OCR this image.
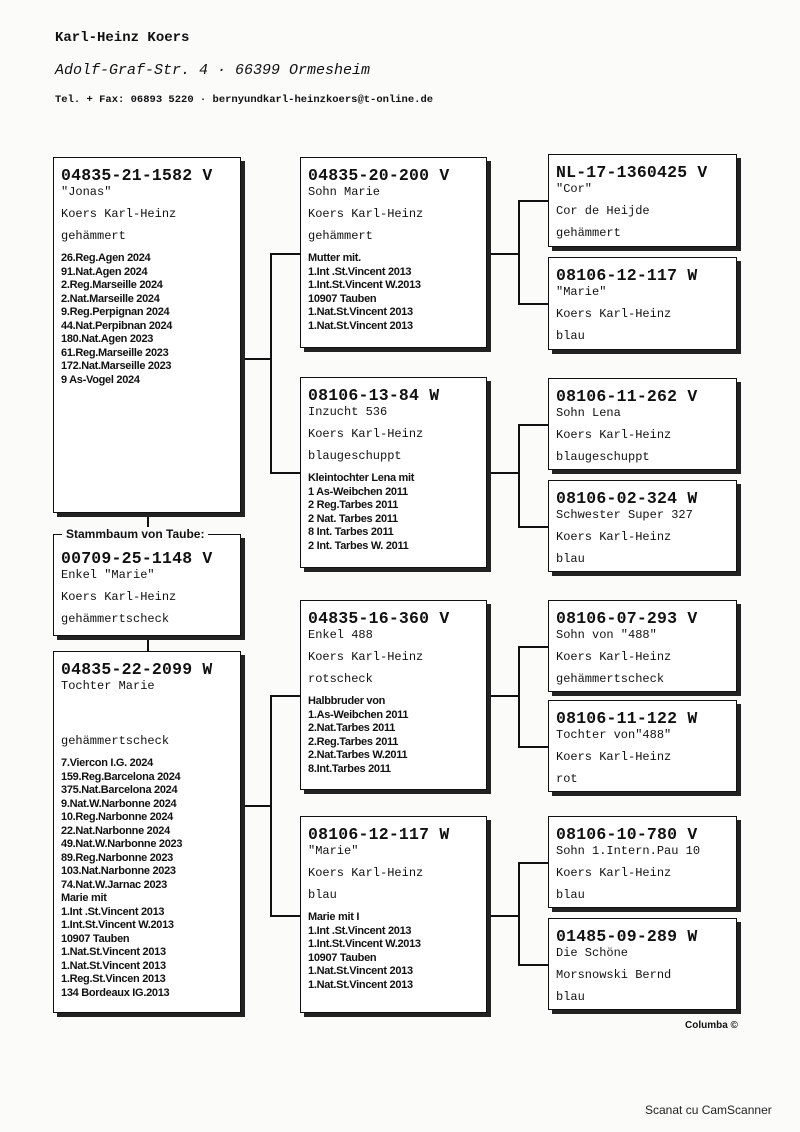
Karl-Heinz Koers
Adolf-Graf-Str. 4 · 66399 Ormesheim
Tel. + Fax: 06893 5220 · bernyundkarl-heinzkoers@t-online.de
04835-21-1582 V
"Jonas"
Koers Karl-Heinz
gehämmert
26.Reg.Agen 2024
91.Nat.Agen 2024
2.Reg.Marseille 2024
2.Nat.Marseille 2024
9.Reg.Perpignan 2024
44.Nat.Perpibnan 2024
180.Nat.Agen 2023
61.Reg.Marseille 2023
172.Nat.Marseille 2023
9 As-Vogel 2024
00709-25-1148 V
Enkel "Marie"
Koers Karl-Heinz
gehämmertscheck
04835-22-2099 W
Tochter Marie

gehämmertscheck
7.Viercon I.G. 2024
159.Reg.Barcelona 2024
375.Nat.Barcelona 2024
9.Nat.W.Narbonne 2024
10.Reg.Narbonne 2024
22.Nat.Narbonne 2024
49.Nat.W.Narbonne 2023
89.Reg.Narbonne 2023
103.Nat.Narbonne 2023
74.Nat.W.Jarnac 2023
Marie mit
1.Int .St.Vincent 2013
1.Int.St.Vincent W.2013
10907 Tauben
1.Nat.St.Vincent 2013
1.Nat.St.Vincent 2013
1.Reg.St.Vincen 2013
134 Bordeaux IG.2013
04835-20-200 V
Sohn Marie
Koers Karl-Heinz
gehämmert
Mutter mit.
1.Int .St.Vincent 2013
1.Int.St.Vincent W.2013
10907 Tauben
1.Nat.St.Vincent 2013
1.Nat.St.Vincent 2013
08106-13-84 W
Inzucht 536
Koers Karl-Heinz
blaugeschuppt
Kleintochter Lena mit
1 As-Weibchen 2011
2 Reg.Tarbes 2011
2 Nat. Tarbes 2011
8 Int. Tarbes 2011
2 Int. Tarbes W. 2011
04835-16-360 V
Enkel 488
Koers Karl-Heinz
rotscheck
Halbbruder von
1.As-Weibchen 2011
2.Nat.Tarbes 2011
2.Reg.Tarbes 2011
2.Nat.Tarbes W.2011
8.Int.Tarbes 2011
08106-12-117 W
"Marie"
Koers Karl-Heinz
blau
Marie mit I
1.Int .St.Vincent 2013
1.Int.St.Vincent W.2013
10907 Tauben
1.Nat.St.Vincent 2013
1.Nat.St.Vincent 2013
NL-17-1360425 V
"Cor"
Cor de Heijde
gehämmert
08106-12-117 W
"Marie"
Koers Karl-Heinz
blau
08106-11-262 V
Sohn Lena
Koers Karl-Heinz
blaugeschuppt
08106-02-324 W
Schwester Super 327
Koers Karl-Heinz
blau
08106-07-293 V
Sohn von "488"
Koers Karl-Heinz
gehämmertscheck
08106-11-122 W
Tochter von"488"
Koers Karl-Heinz
rot
08106-10-780 V
Sohn 1.Intern.Pau 10
Koers Karl-Heinz
blau
01485-09-289 W
Die Schöne
Morsnowski Bernd
blau
Stammbaum von Taube:
Columba ©
Scanat cu CamScanner
